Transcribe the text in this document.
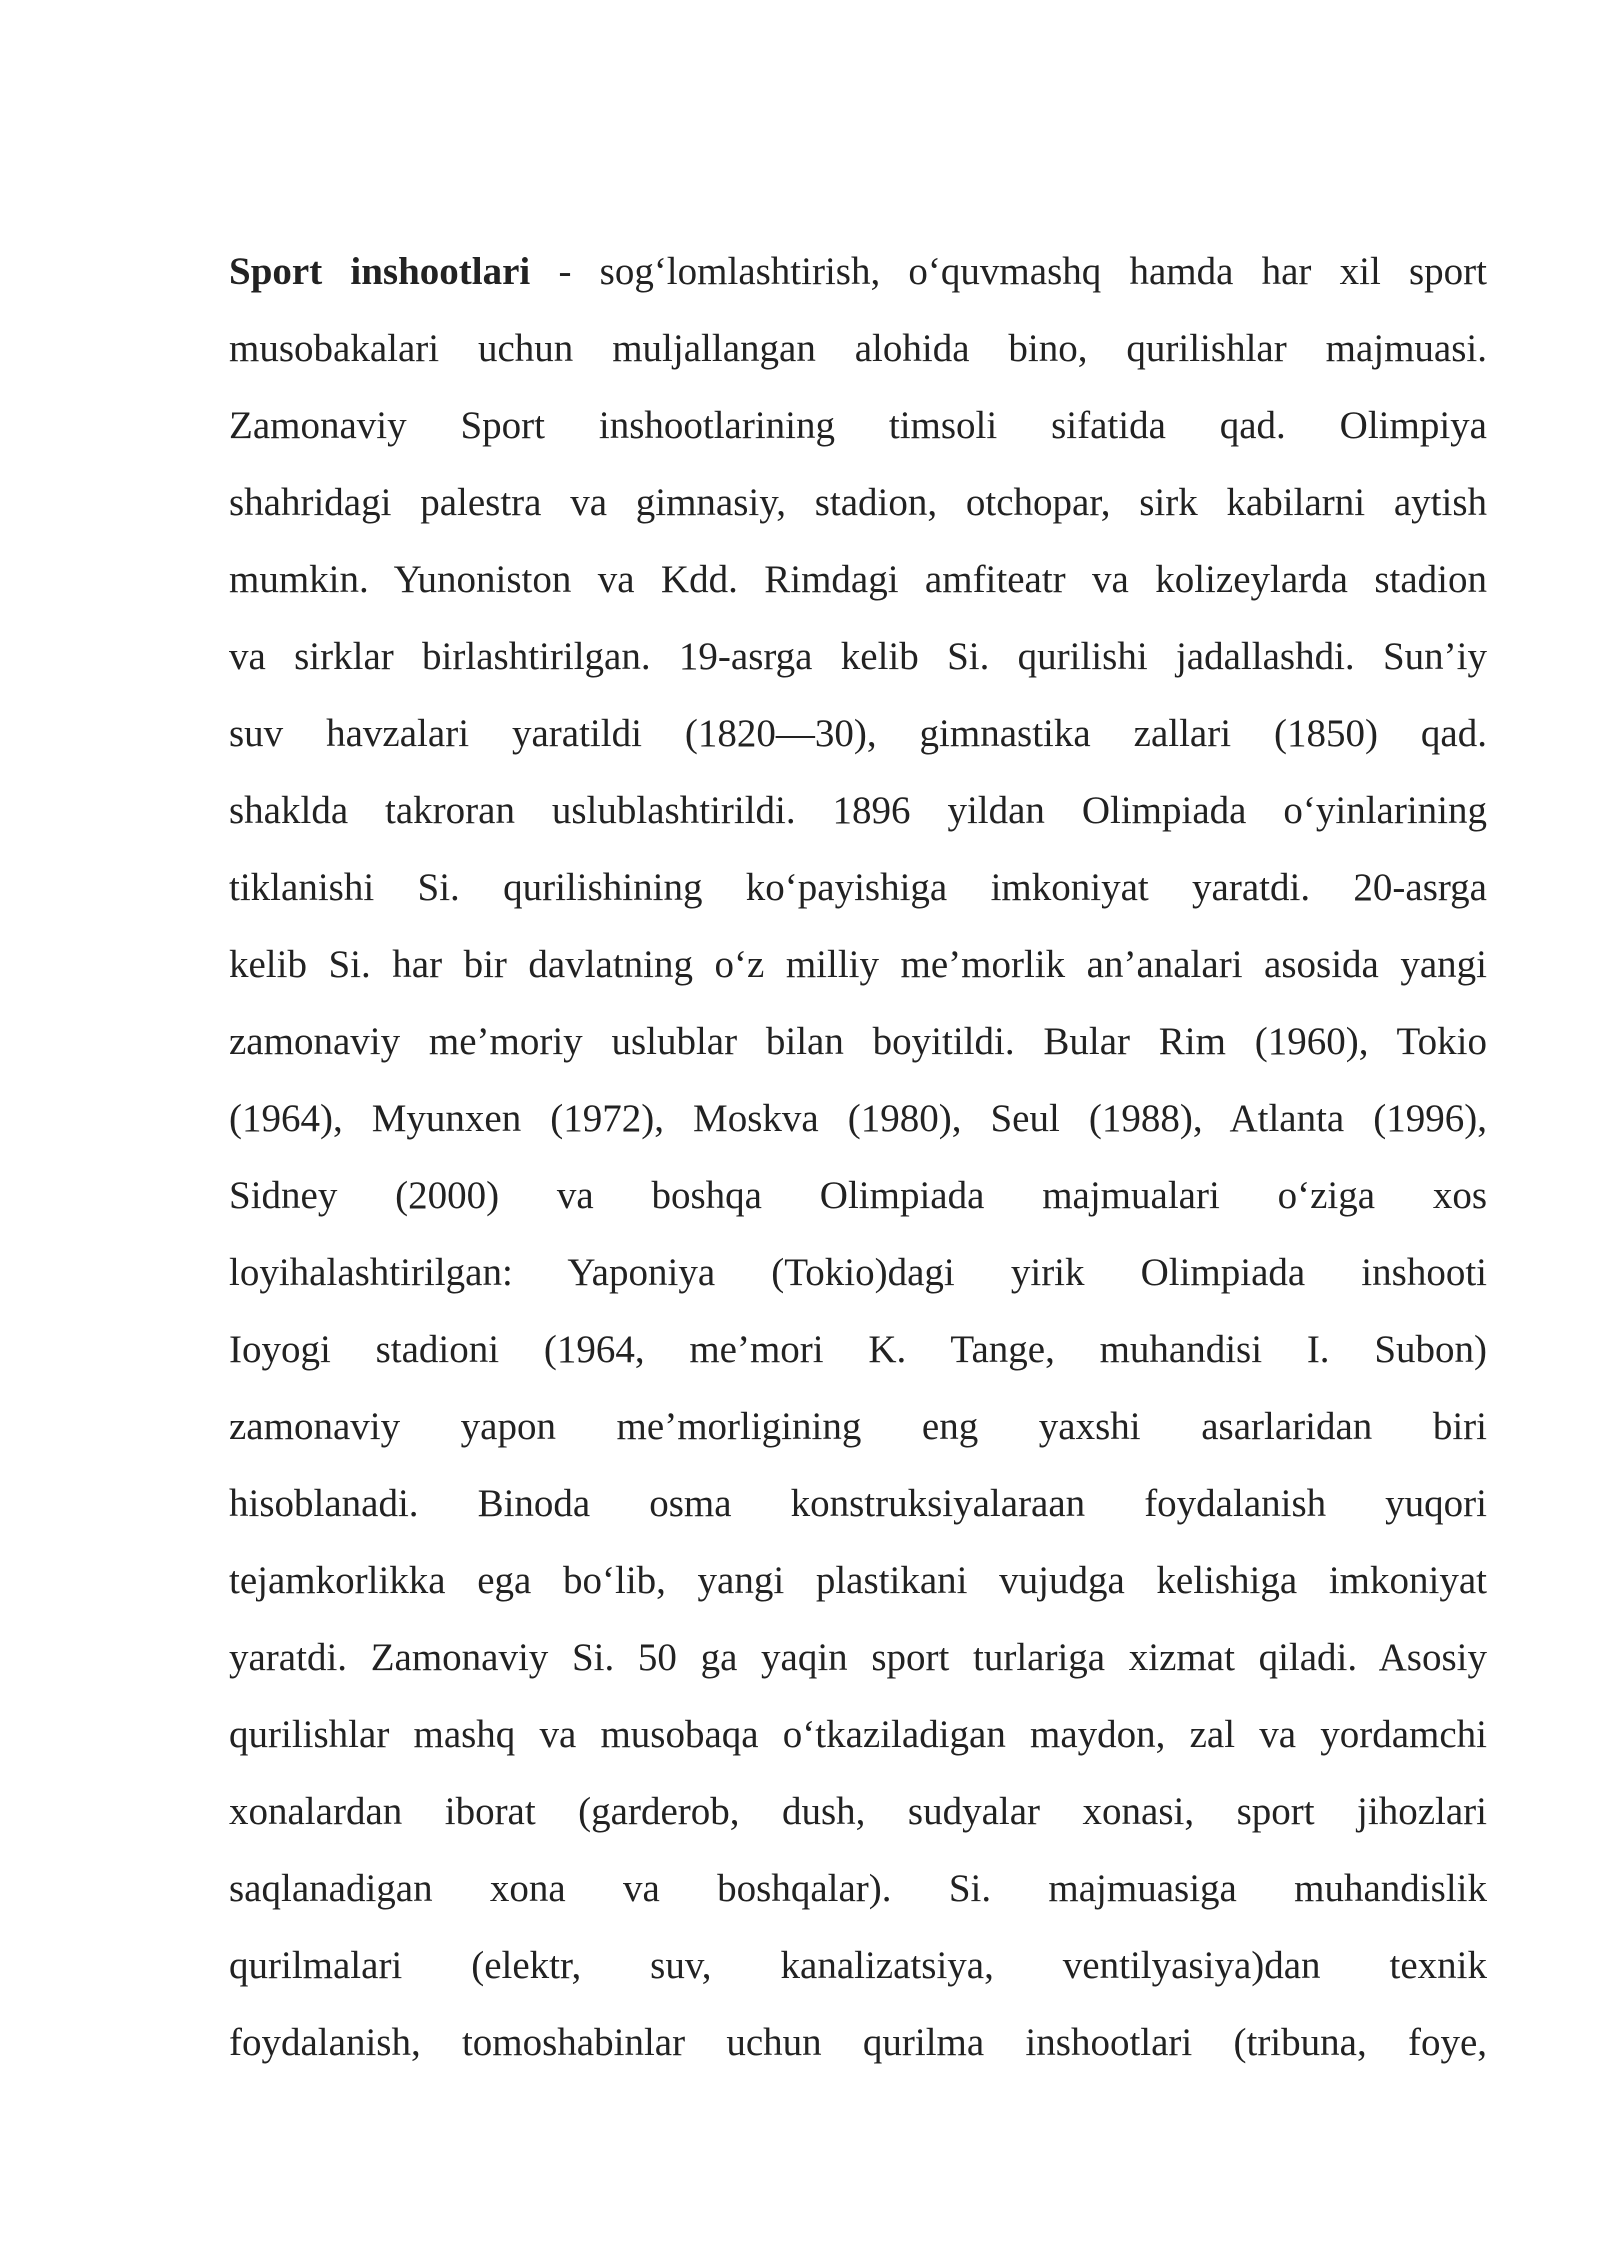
Sport inshootlari - sog‘lomlashtirish, o‘quvmashq hamda har xil sport
musobakalari uchun muljallangan alohida bino, qurilishlar majmuasi.
Zamonaviy Sport inshootlarining timsoli sifatida qad. Olimpiya
shahridagi palestra va gimnasiy, stadion, otchopar, sirk kabilarni aytish
mumkin. Yunoniston va Kdd. Rimdagi amfiteatr va kolizeylarda stadion
va sirklar birlashtirilgan. 19-asrga kelib Si. qurilishi jadallashdi. Sun’iy
suv havzalari yaratildi (1820—30), gimnastika zallari (1850) qad.
shaklda takroran uslublashtirildi. 1896 yildan Olimpiada o‘yinlarining
tiklanishi Si. qurilishining ko‘payishiga imkoniyat yaratdi. 20-asrga
kelib Si. har bir davlatning o‘z milliy me’morlik an’analari asosida yangi
zamonaviy me’moriy uslublar bilan boyitildi. Bular Rim (1960), Tokio
(1964), Myunxen (1972), Moskva (1980), Seul (1988), Atlanta (1996),
Sidney (2000) va boshqa Olimpiada majmualari o‘ziga xos
loyihalashtirilgan: Yaponiya (Tokio)dagi yirik Olimpiada inshooti
Ioyogi stadioni (1964, me’mori K. Tange, muhandisi I. Subon)
zamonaviy yapon me’morligining eng yaxshi asarlaridan biri
hisoblanadi. Binoda osma konstruksiyalaraan foydalanish yuqori
tejamkorlikka ega bo‘lib, yangi plastikani vujudga kelishiga imkoniyat
yaratdi. Zamonaviy Si. 50 ga yaqin sport turlariga xizmat qiladi. Asosiy
qurilishlar mashq va musobaqa o‘tkaziladigan maydon, zal va yordamchi
xonalardan iborat (garderob, dush, sudyalar xonasi, sport jihozlari
saqlanadigan xona va boshqalar). Si. majmuasiga muhandislik
qurilmalari (elektr, suv, kanalizatsiya, ventilyasiya)dan texnik
foydalanish, tomoshabinlar uchun qurilma inshootlari (tribuna, foye,
